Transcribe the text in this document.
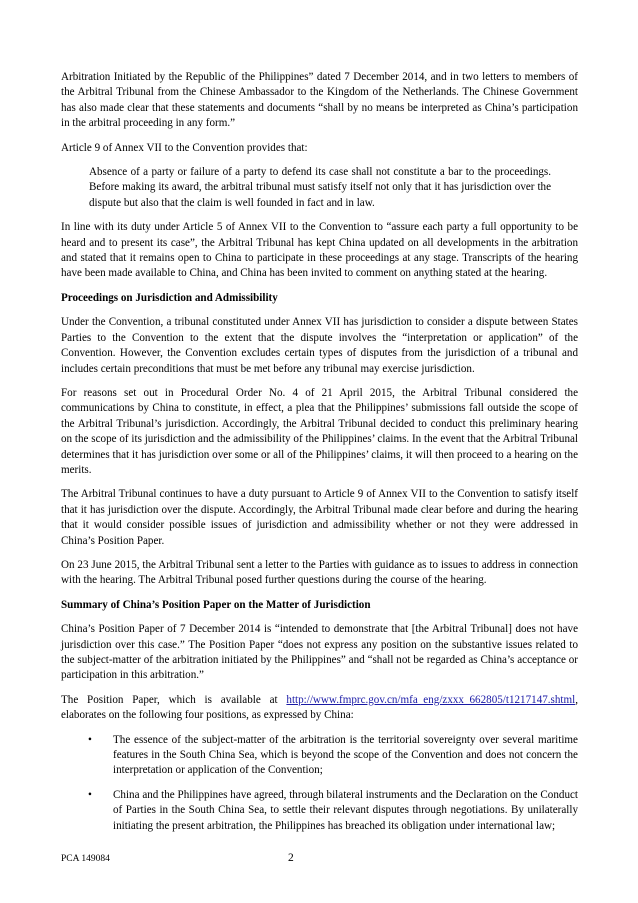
Arbitration Initiated by the Republic of the Philippines” dated 7 December 2014, and in two letters to members of the Arbitral Tribunal from the Chinese Ambassador to the Kingdom of the Netherlands. The Chinese Government has also made clear that these statements and documents “shall by no means be interpreted as China’s participation in the arbitral proceeding in any form.”

Article 9 of Annex VII to the Convention provides that:

Absence of a party or failure of a party to defend its case shall not constitute a bar to the proceedings. Before making its award, the arbitral tribunal must satisfy itself not only that it has jurisdiction over the dispute but also that the claim is well founded in fact and in law.

In line with its duty under Article 5 of Annex VII to the Convention to “assure each party a full opportunity to be heard and to present its case”, the Arbitral Tribunal has kept China updated on all developments in the arbitration and stated that it remains open to China to participate in these proceedings at any stage. Transcripts of the hearing have been made available to China, and China has been invited to comment on anything stated at the hearing.

Proceedings on Jurisdiction and Admissibility

Under the Convention, a tribunal constituted under Annex VII has jurisdiction to consider a dispute between States Parties to the Convention to the extent that the dispute involves the “interpretation or application” of the Convention. However, the Convention excludes certain types of disputes from the jurisdiction of a tribunal and includes certain preconditions that must be met before any tribunal may exercise jurisdiction.

For reasons set out in Procedural Order No. 4 of 21 April 2015, the Arbitral Tribunal considered the communications by China to constitute, in effect, a plea that the Philippines’ submissions fall outside the scope of the Arbitral Tribunal’s jurisdiction. Accordingly, the Arbitral Tribunal decided to conduct this preliminary hearing on the scope of its jurisdiction and the admissibility of the Philippines’ claims. In the event that the Arbitral Tribunal determines that it has jurisdiction over some or all of the Philippines’ claims, it will then proceed to a hearing on the merits.

The Arbitral Tribunal continues to have a duty pursuant to Article 9 of Annex VII to the Convention to satisfy itself that it has jurisdiction over the dispute. Accordingly, the Arbitral Tribunal made clear before and during the hearing that it would consider possible issues of jurisdiction and admissibility whether or not they were addressed in China’s Position Paper.

On 23 June 2015, the Arbitral Tribunal sent a letter to the Parties with guidance as to issues to address in connection with the hearing. The Arbitral Tribunal posed further questions during the course of the hearing.

Summary of China’s Position Paper on the Matter of Jurisdiction

China’s Position Paper of 7 December 2014 is “intended to demonstrate that [the Arbitral Tribunal] does not have jurisdiction over this case.” The Position Paper “does not express any position on the substantive issues related to the subject-matter of the arbitration initiated by the Philippines” and “shall not be regarded as China’s acceptance or participation in this arbitration.”

The Position Paper, which is available at http://www.fmprc.gov.cn/mfa_eng/zxxx_662805/t1217147.shtml, elaborates on the following four positions, as expressed by China:

• The essence of the subject-matter of the arbitration is the territorial sovereignty over several maritime features in the South China Sea, which is beyond the scope of the Convention and does not concern the interpretation or application of the Convention;
• China and the Philippines have agreed, through bilateral instruments and the Declaration on the Conduct of Parties in the South China Sea, to settle their relevant disputes through negotiations. By unilaterally initiating the present arbitration, the Philippines has breached its obligation under international law;
PCA 149084	2
